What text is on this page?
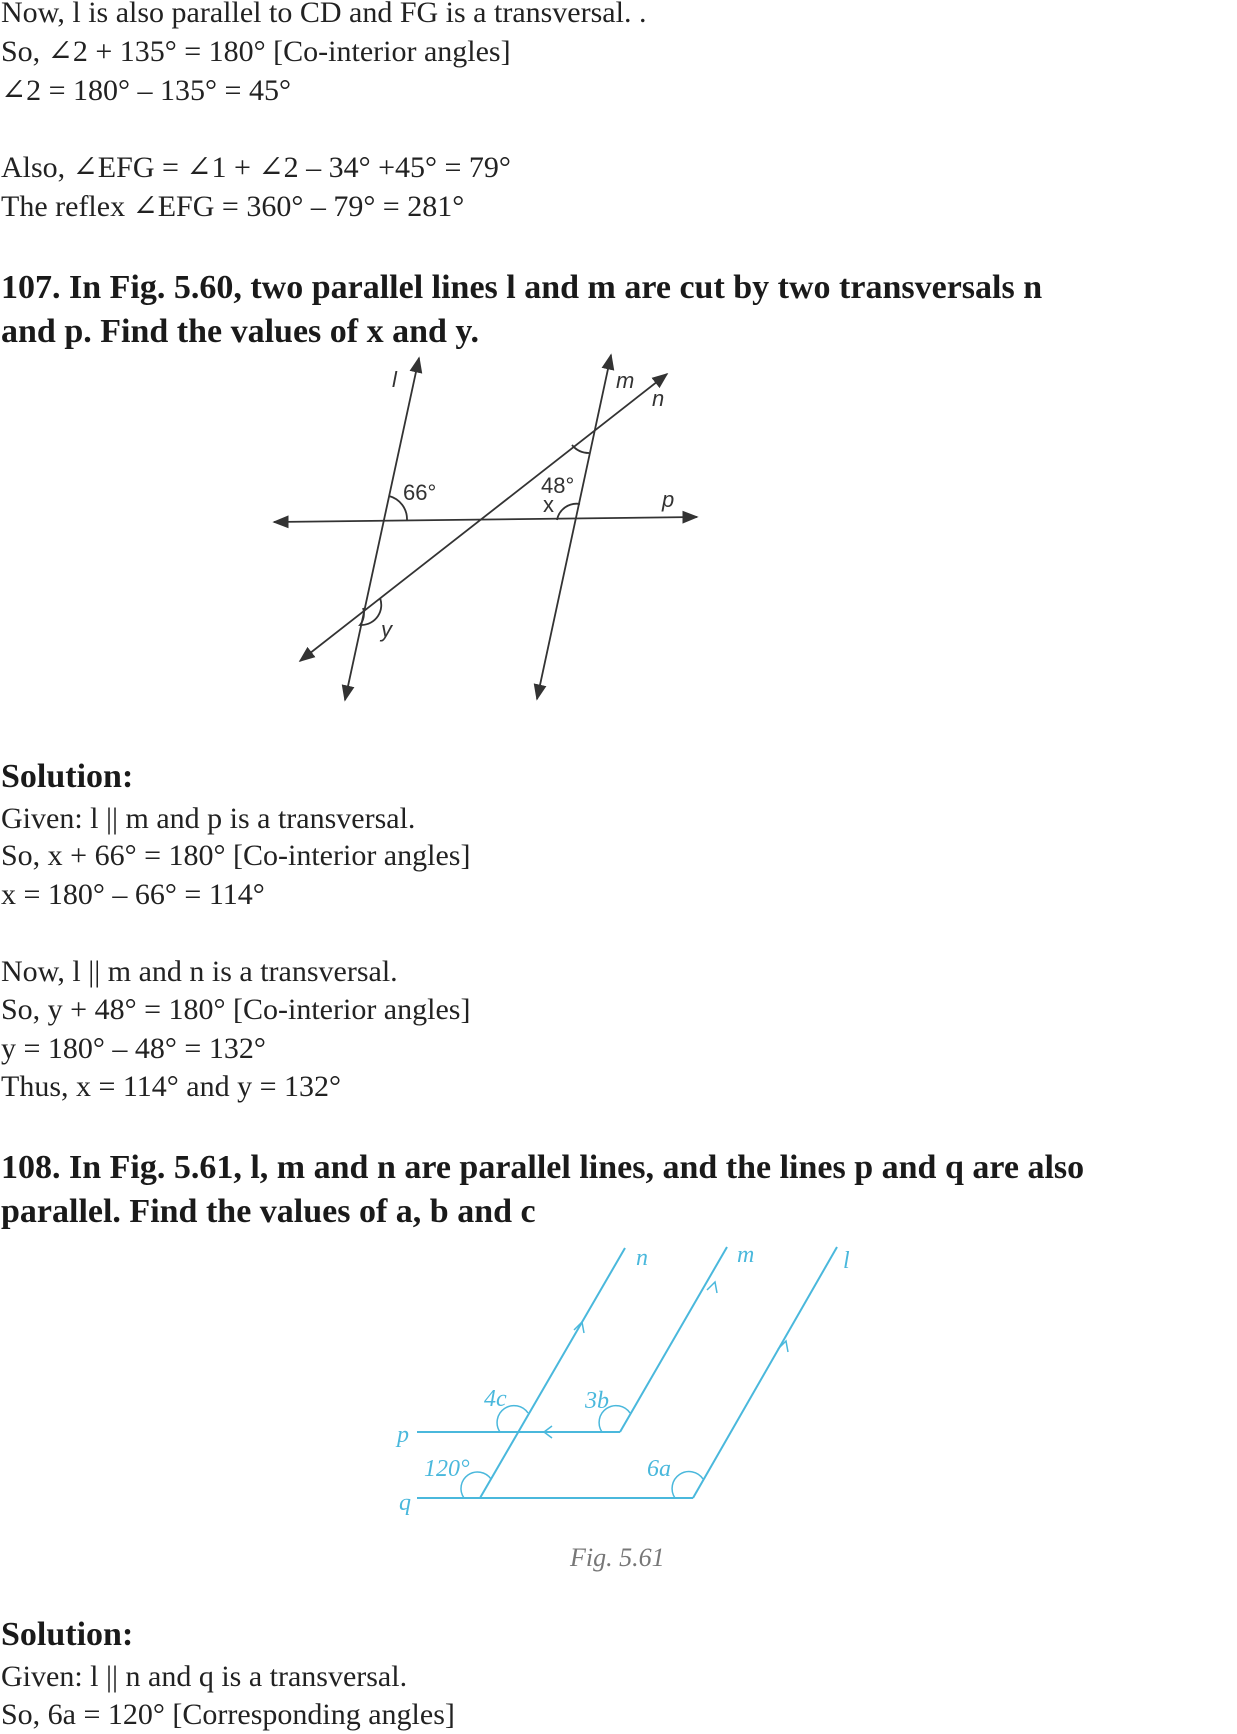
Now, l is also parallel to CD and FG is a transversal. .
So, ∠2 + 135° = 180° [Co-interior angles]
∠2 = 180° – 135° = 45°
Also, ∠EFG = ∠1 + ∠2 – 34° +45° = 79°
The reflex ∠EFG = 360° – 79° = 281°
107. In Fig. 5.60, two parallel lines l and m are cut by two transversals n
and p. Find the values of x and y.
l	m
n
p
66°	48°
x
y
n	m	l
p
q
4c	3b
120°	6a
Fig. 5.61
Solution:
Given: l || m and p is a transversal.
So, x + 66° = 180° [Co-interior angles]
x = 180° – 66° = 114°
Now, l || m and n is a transversal.
So, y + 48° = 180° [Co-interior angles]
y = 180° – 48° = 132°
Thus, x = 114° and y = 132°
108. In Fig. 5.61, l, m and n are parallel lines, and the lines p and q are also
parallel. Find the values of a, b and c
Solution:
Given: l || n and q is a transversal.
So, 6a = 120° [Corresponding angles]
